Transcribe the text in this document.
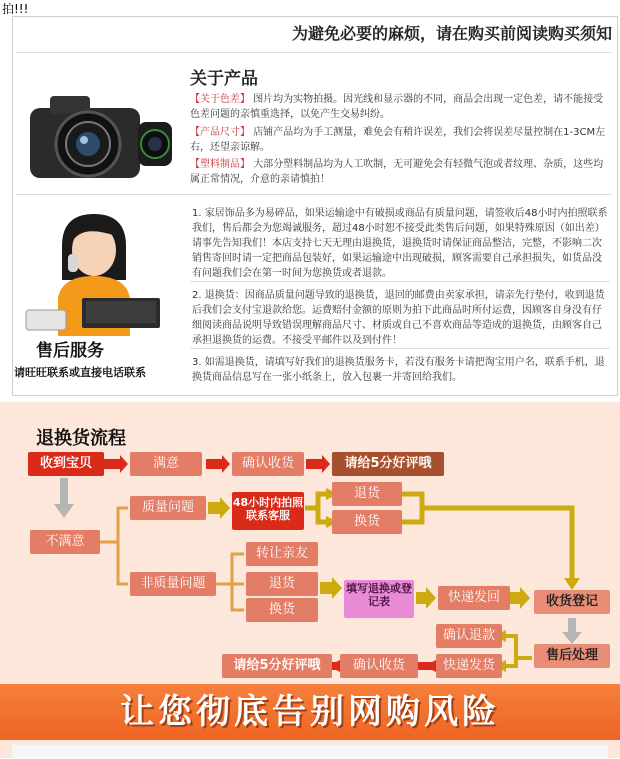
拍!!!
为避免必要的麻烦，请在购买前阅读购买须知
关于产品
【关于色差】 图片均为实物拍摄。因光线和显示器的不同，商品会出现一定色差，请不能接受色差问题的亲慎重选择，以免产生交易纠纷。
【产品尺寸】 店铺产品均为手工测量，难免会有稍许误差，我们会将误差尽量控制在1-3CM左右，还望亲谅解。
【塑料制品】 大部分塑料制品均为人工吹制，无可避免会有轻微气泡或者纹理、杂质，这些均属正常情况，介意的亲请慎拍！
售后服务
请旺旺联系或直接电话联系
1. 家居饰品多为易碎品，如果运输途中有破损或商品有质量问题，请签收后48小时内拍照联系我们，售后都会为您竭诚服务，超过48小时恕不接受此类售后问题，如果特殊原因（如出差）请事先告知我们！本店支持七天无理由退换货，退换货时请保证商品整洁，完整，不影响二次销售寄回时请一定把商品包装好，如果运输途中出现破损，顾客需要自己承担损失，如货品没有问题我们会在第一时间为您换货或者退款。
2. 退换货：因商品质量问题导致的退换货，退回的邮费由卖家承担，请亲先行垫付，收到退货后我们会支付宝退款给您。运费赔付金额的原则为拍下此商品时所付运费，因顾客自身没有仔细阅读商品说明导致错误理解商品尺寸、材质或自己不喜欢商品等造成的退换货，由顾客自己承担退换货的运费。不接受平邮件以及到付件！
3. 如需退换货，请填写好我们的退换货服务卡，若没有服务卡请把淘宝用户名，联系手机，退换货商品信息写在一张小纸条上，放入包裹一并寄回给我们。
退换货流程
收到宝贝	满意	确认收货	请给5分好评哦
不满意
质量问题	48小时内拍照联系客服
退货
换货
非质量问题
转让亲友
退货
换货
填写退换或登记表	快递发回	收货登记
售后处理
确认退款
快递发货
确认收货
请给5分好评哦
让您彻底告别网购风险
